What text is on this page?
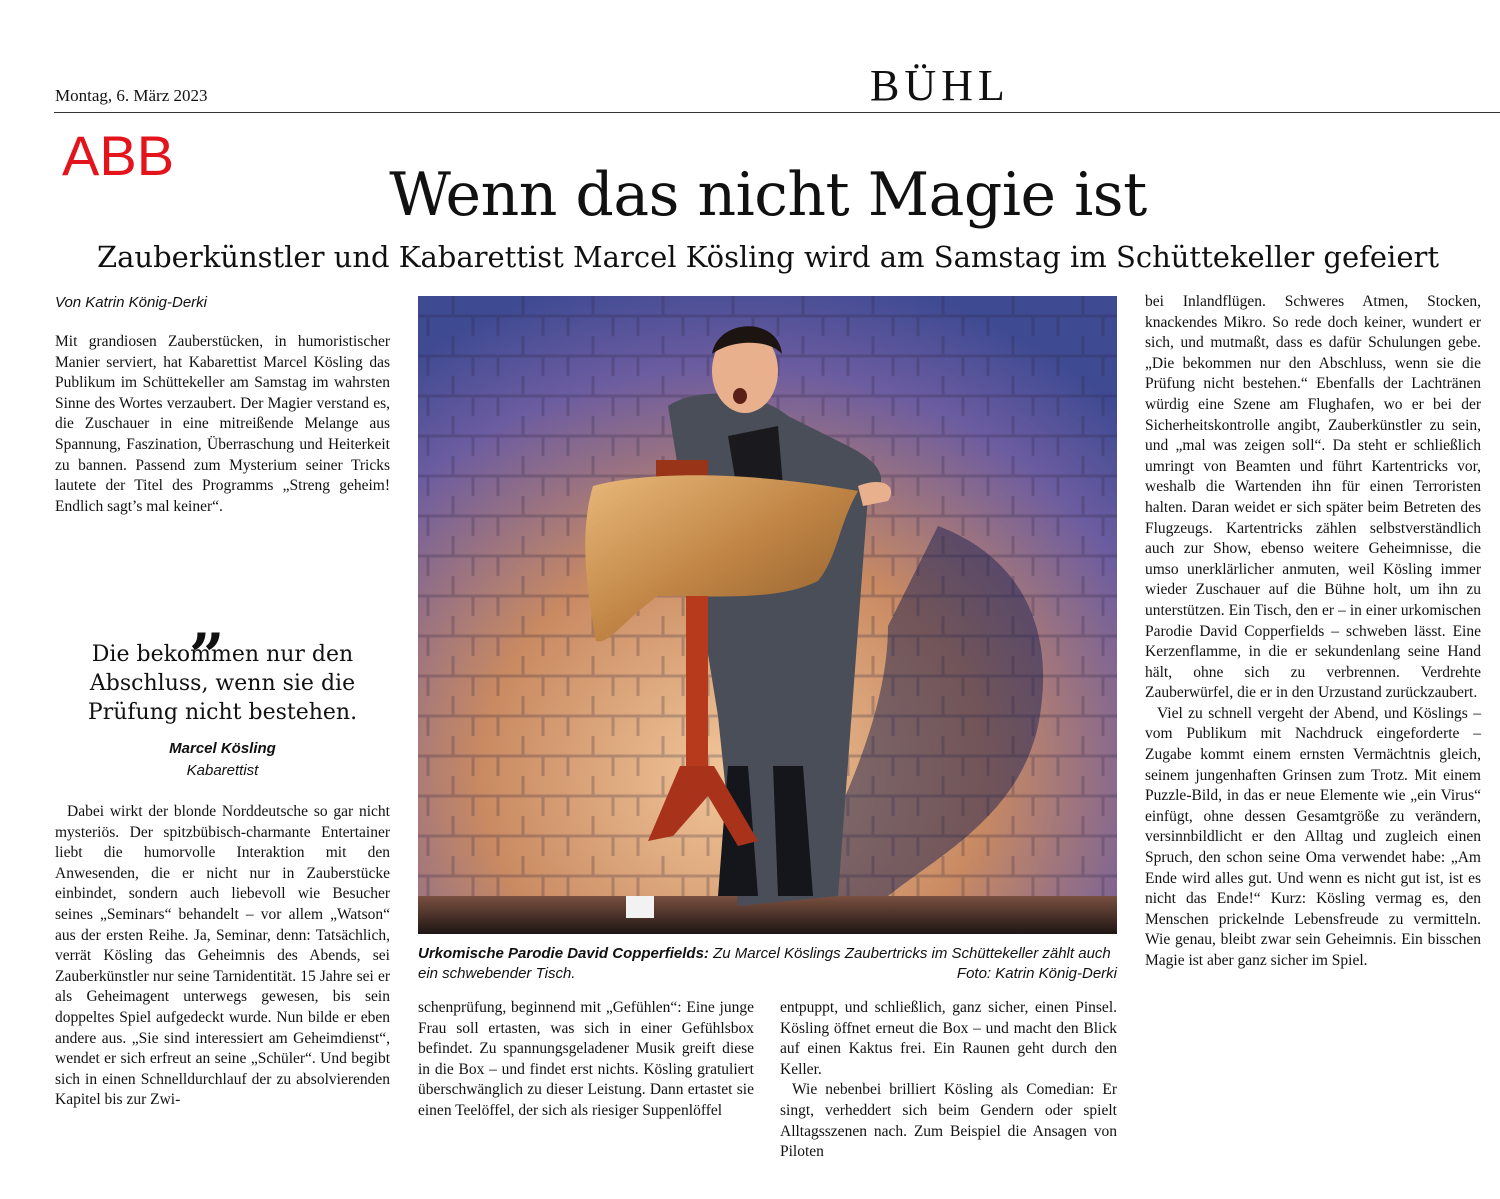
Montag, 6. März 2023	BÜHL
ABB
Wenn das nicht Magie ist
Zauberkünstler und Kabarettist Marcel Kösling wird am Samstag im Schüttekeller gefeiert
Von Katrin König-Derki

Mit grandiosen Zauberstücken, in humoristischer Manier serviert, hat Kabarettist Marcel Kösling das Publikum im Schüttekeller am Samstag im wahrsten Sinne des Wortes verzaubert. Der Magier verstand es, die Zuschauer in eine mitreißende Melange aus Spannung, Faszination, Überraschung und Heiterkeit zu bannen. Passend zum Mysterium seiner Tricks lautete der Titel des Programms „Streng geheim! Endlich sagt’s mal keiner“.

„
Die bekommen nur den Abschluss, wenn sie die Prüfung nicht bestehen.
Marcel Kösling
Kabarettist

Dabei wirkt der blonde Norddeutsche so gar nicht mysteriös. Der spitzbübisch-charmante Entertainer liebt die humorvolle Interaktion mit den Anwesenden, die er nicht nur in Zauberstücke einbindet, sondern auch liebevoll wie Besucher seines „Seminars“ behandelt – vor allem „Watson“ aus der ersten Reihe. Ja, Seminar, denn: Tatsächlich, verrät Kösling das Geheimnis des Abends, sei Zauberkünstler nur seine Tarnidentität. 15 Jahre sei er als Geheimagent unterwegs gewesen, bis sein doppeltes Spiel aufgedeckt wurde. Nun bilde er eben andere aus. „Sie sind interessiert am Geheimdienst“, wendet er sich erfreut an seine „Schüler“. Und begibt sich in einen Schnelldurchlauf der zu absolvierenden Kapitel bis zur Zwi-

Urkomische Parodie David Copperfields: Zu Marcel Köslings Zaubertricks im Schüttekeller zählt auch ein schwebender Tisch.	Foto: Katrin König-Derki

schenprüfung, beginnend mit „Gefühlen“: Eine junge Frau soll ertasten, was sich in einer Gefühlsbox befindet. Zu spannungsgeladener Musik greift diese in die Box – und findet erst nichts. Kösling gratuliert überschwänglich zu dieser Leistung. Dann ertastet sie einen Teelöffel, der sich als riesiger Suppenlöffel

entpuppt, und schließlich, ganz sicher, einen Pinsel. Kösling öffnet erneut die Box – und macht den Blick auf einen Kaktus frei. Ein Raunen geht durch den Keller.

Wie nebenbei brilliert Kösling als Comedian: Er singt, verheddert sich beim Gendern oder spielt Alltagsszenen nach. Zum Beispiel die Ansagen von Piloten

bei Inlandflügen. Schweres Atmen, Stocken, knackendes Mikro. So rede doch keiner, wundert er sich, und mutmaßt, dass es dafür Schulungen gebe. „Die bekommen nur den Abschluss, wenn sie die Prüfung nicht bestehen.“ Ebenfalls der Lachtränen würdig eine Szene am Flughafen, wo er bei der Sicherheitskontrolle angibt, Zauberkünstler zu sein, und „mal was zeigen soll“. Da steht er schließlich umringt von Beamten und führt Kartentricks vor, weshalb die Wartenden ihn für einen Terroristen halten. Daran weidet er sich später beim Betreten des Flugzeugs. Kartentricks zählen selbstverständlich auch zur Show, ebenso weitere Geheimnisse, die umso unerklärlicher anmuten, weil Kösling immer wieder Zuschauer auf die Bühne holt, um ihn zu unterstützen. Ein Tisch, den er – in einer urkomischen Parodie David Copperfields – schweben lässt. Eine Kerzenflamme, in die er sekundenlang seine Hand hält, ohne sich zu verbrennen. Verdrehte Zauberwürfel, die er in den Urzustand zurückzaubert.

Viel zu schnell vergeht der Abend, und Köslings – vom Publikum mit Nachdruck eingeforderte – Zugabe kommt einem ernsten Vermächtnis gleich, seinem jungenhaften Grinsen zum Trotz. Mit einem Puzzle-Bild, in das er neue Elemente wie „ein Virus“ einfügt, ohne dessen Gesamtgröße zu verändern, versinnbildlicht er den Alltag und zugleich einen Spruch, den schon seine Oma verwendet habe: „Am Ende wird alles gut. Und wenn es nicht gut ist, ist es nicht das Ende!“ Kurz: Kösling vermag es, den Menschen prickelnde Lebensfreude zu vermitteln. Wie genau, bleibt zwar sein Geheimnis. Ein bisschen Magie ist aber ganz sicher im Spiel.
